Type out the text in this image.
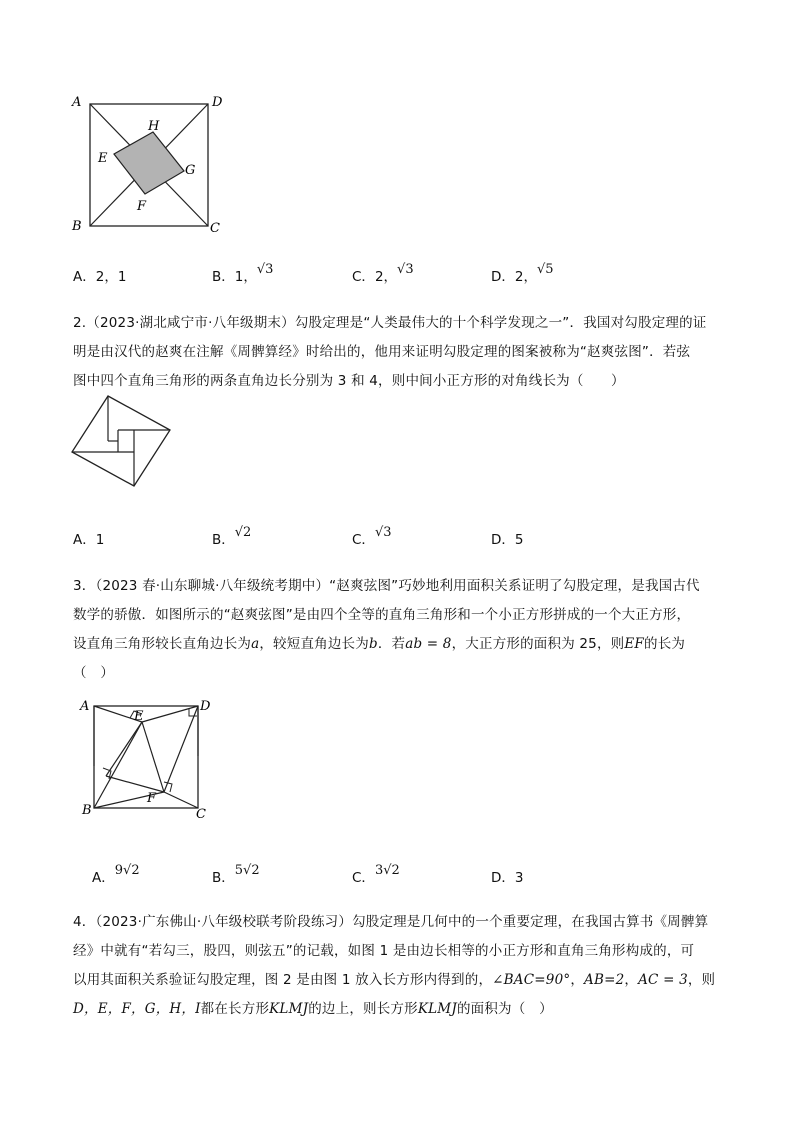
A	D
H
E
G
F
B	C
A．2，1	B．1，√3	C．2，√3	D．2，√5
2.（2023·湖北咸宁市·八年级期末）勾股定理是“人类最伟大的十个科学发现之一”．我国对勾股定理的证
明是由汉代的赵爽在注解《周髀算经》时给出的，他用来证明勾股定理的图案被称为“赵爽弦图”．若弦
图中四个直角三角形的两条直角边长分别为 3 和 4，则中间小正方形的对角线长为（　　）
A．1	B．√2	C．√3	D．5
3．（2023 春·山东聊城·八年级统考期中）“赵爽弦图”巧妙地利用面积关系证明了勾股定理，是我国古代
数学的骄傲．如图所示的“赵爽弦图”是由四个全等的直角三角形和一个小正方形拼成的一个大正方形，
设直角三角形较长直角边长为a，较短直角边长为b．若ab = 8，大正方形的面积为 25，则EF的长为
（　）
A	D
E
F
B	C
A．9√2	B．5√2	C．3√2	D．3
4．（2023·广东佛山·八年级校联考阶段练习）勾股定理是几何中的一个重要定理，在我国古算书《周髀算
经》中就有“若勾三，股四，则弦五”的记载，如图 1 是由边长相等的小正方形和直角三角形构成的，可
以用其面积关系验证勾股定理，图 2 是由图 1 放入长方形内得到的，∠BAC=90°，AB=2，AC = 3，则
D，E，F，G，H，I都在长方形KLMJ的边上，则长方形KLMJ的面积为（　）
